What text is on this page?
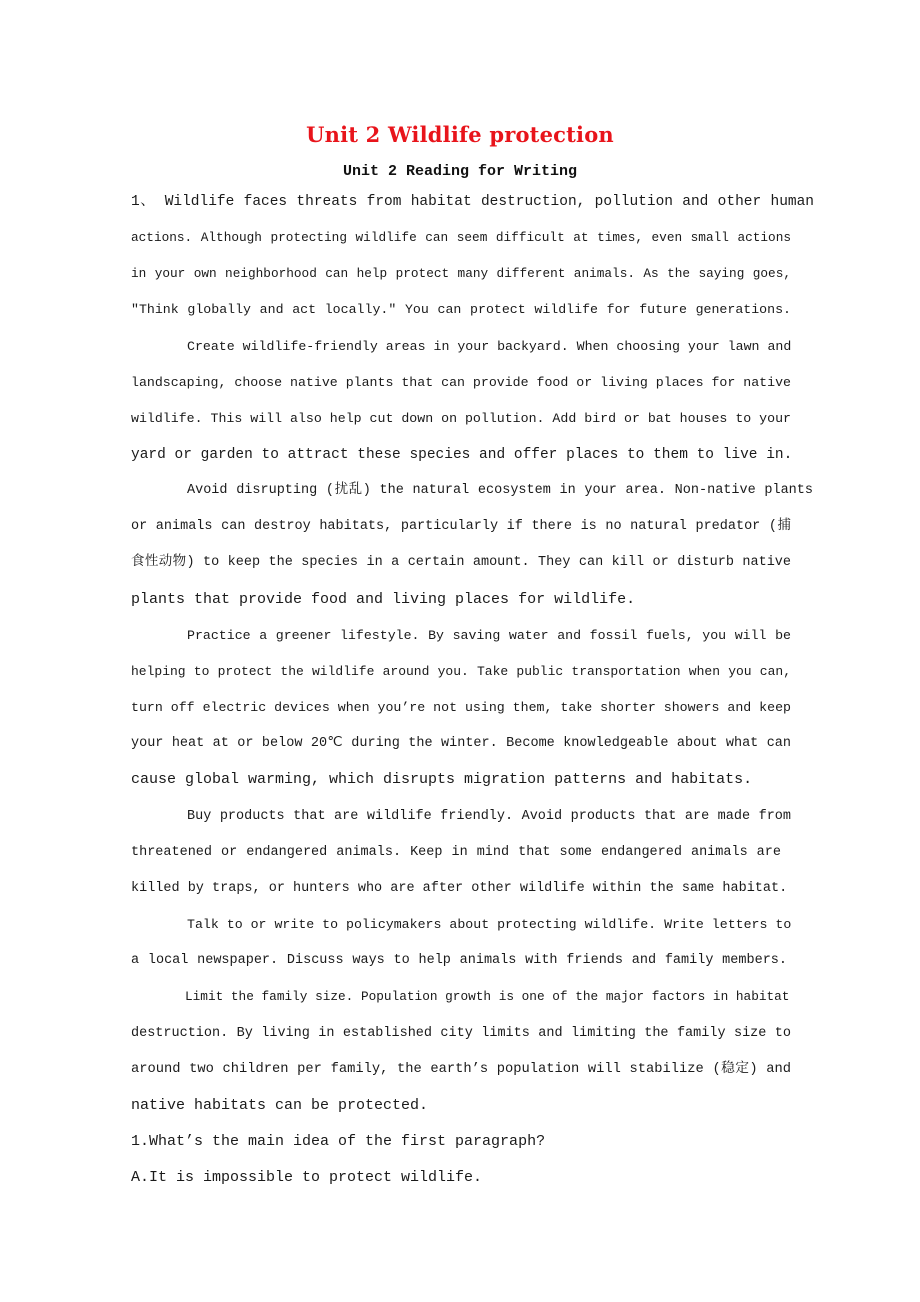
Unit 2 Wildlife protection
Unit 2 Reading for Writing
1、 Wildlife faces threats from habitat destruction, pollution and other human
actions. Although protecting wildlife can seem difficult at times, even small actions
in your own neighborhood can help protect many different animals. As the saying goes,
"Think globally and act locally." You can protect wildlife for future generations.
Create wildlife-friendly areas in your backyard. When choosing your lawn and
landscaping, choose native plants that can provide food or living places for native
wildlife. This will also help cut down on pollution. Add bird or bat houses to your
yard or garden to attract these species and offer places to them to live in.
Avoid disrupting (扰乱) the natural ecosystem in your area. Non-native plants
or animals can destroy habitats, particularly if there is no natural predator (捕
食性动物) to keep the species in a certain amount. They can kill or disturb native
plants that provide food and living places for wildlife.
Practice a greener lifestyle. By saving water and fossil fuels, you will be
helping to protect the wildlife around you. Take public transportation when you can,
turn off electric devices when you’re not using them, take shorter showers and keep
your heat at or below 20℃ during the winter. Become knowledgeable about what can
cause global warming, which disrupts migration patterns and habitats.
Buy products that are wildlife friendly. Avoid products that are made from
threatened or endangered animals. Keep in mind that some endangered animals are
killed by traps, or hunters who are after other wildlife within the same habitat.
Talk to or write to policymakers about protecting wildlife. Write letters to
a local newspaper. Discuss ways to help animals with friends and family members.
Limit the family size. Population growth is one of the major factors in habitat
destruction. By living in established city limits and limiting the family size to
around two children per family, the earth’s population will stabilize (稳定) and
native habitats can be protected.
1.What’s the main idea of the first paragraph?
A.It is impossible to protect wildlife.
